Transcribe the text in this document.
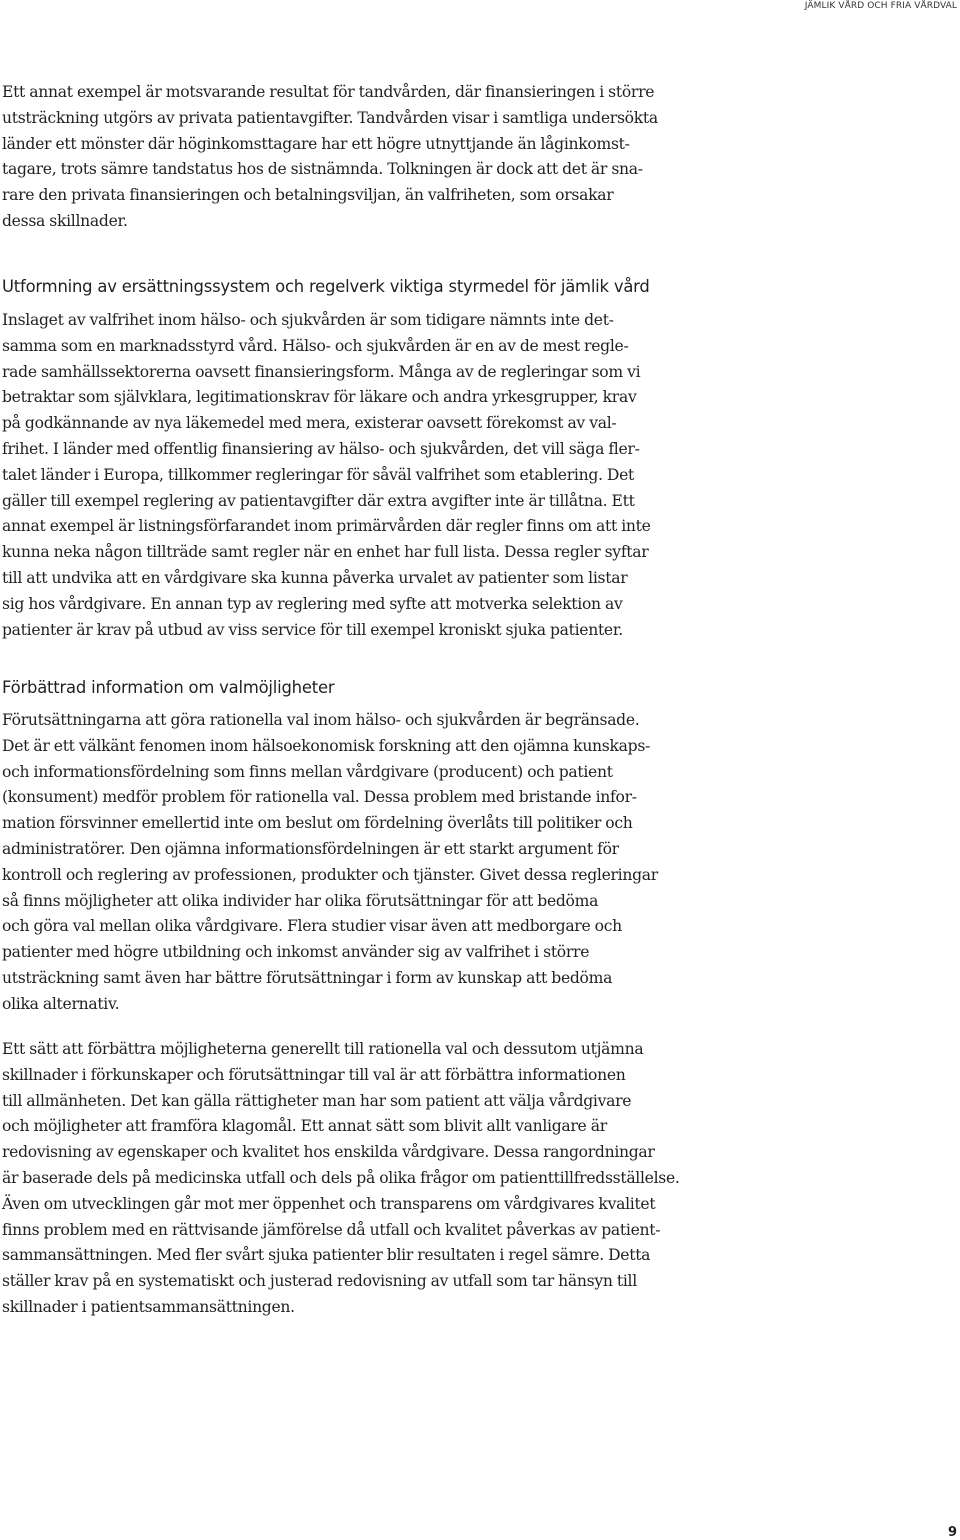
JÄMLIK VÅRD OCH FRIA VÅRDVAL

Ett annat exempel är motsvarande resultat för tandvården, där finansieringen i större
utsträckning utgörs av privata patientavgifter. Tandvården visar i samtliga undersökta
länder ett mönster där höginkomsttagare har ett högre utnyttjande än låginkomst-
tagare, trots sämre tandstatus hos de sistnämnda. Tolkningen är dock att det är sna-
rare den privata finansieringen och betalningsviljan, än valfriheten, som orsakar
dessa skillnader.

Utformning av ersättningssystem och regelverk viktiga styrmedel för jämlik vård

Inslaget av valfrihet inom hälso- och sjukvården är som tidigare nämnts inte det-
samma som en marknadsstyrd vård. Hälso- och sjukvården är en av de mest regle-
rade samhällssektorerna oavsett finansieringsform. Många av de regleringar som vi
betraktar som självklara, legitimationskrav för läkare och andra yrkesgrupper, krav
på godkännande av nya läkemedel med mera, existerar oavsett förekomst av val-
frihet. I länder med offentlig finansiering av hälso- och sjukvården, det vill säga fler-
talet länder i Europa, tillkommer regleringar för såväl valfrihet som etablering. Det
gäller till exempel reglering av patientavgifter där extra avgifter inte är tillåtna. Ett
annat exempel är listningsförfarandet inom primärvården där regler finns om att inte
kunna neka någon tillträde samt regler när en enhet har full lista. Dessa regler syftar
till att undvika att en vårdgivare ska kunna påverka urvalet av patienter som listar
sig hos vårdgivare. En annan typ av reglering med syfte att motverka selektion av
patienter är krav på utbud av viss service för till exempel kroniskt sjuka patienter.

Förbättrad information om valmöjligheter

Förutsättningarna att göra rationella val inom hälso- och sjukvården är begränsade.
Det är ett välkänt fenomen inom hälsoekonomisk forskning att den ojämna kunskaps-
och informationsfördelning som finns mellan vårdgivare (producent) och patient
(konsument) medför problem för rationella val. Dessa problem med bristande infor-
mation försvinner emellertid inte om beslut om fördelning överlåts till politiker och
administratörer. Den ojämna informationsfördelningen är ett starkt argument för
kontroll och reglering av professionen, produkter och tjänster. Givet dessa regleringar
så finns möjligheter att olika individer har olika förutsättningar för att bedöma
och göra val mellan olika vårdgivare. Flera studier visar även att medborgare och
patienter med högre utbildning och inkomst använder sig av valfrihet i större
utsträckning samt även har bättre förutsättningar i form av kunskap att bedöma
olika alternativ.

Ett sätt att förbättra möjligheterna generellt till rationella val och dessutom utjämna
skillnader i förkunskaper och förutsättningar till val är att förbättra informationen
till allmänheten. Det kan gälla rättigheter man har som patient att välja vårdgivare
och möjligheter att framföra klagomål. Ett annat sätt som blivit allt vanligare är
redovisning av egenskaper och kvalitet hos enskilda vårdgivare. Dessa rangordningar
är baserade dels på medicinska utfall och dels på olika frågor om patienttillfredsställelse.
Även om utvecklingen går mot mer öppenhet och transparens om vårdgivares kvalitet
finns problem med en rättvisande jämförelse då utfall och kvalitet påverkas av patient-
sammansättningen. Med fler svårt sjuka patienter blir resultaten i regel sämre. Detta
ställer krav på en systematiskt och justerad redovisning av utfall som tar hänsyn till
skillnader i patientsammansättningen.

9
